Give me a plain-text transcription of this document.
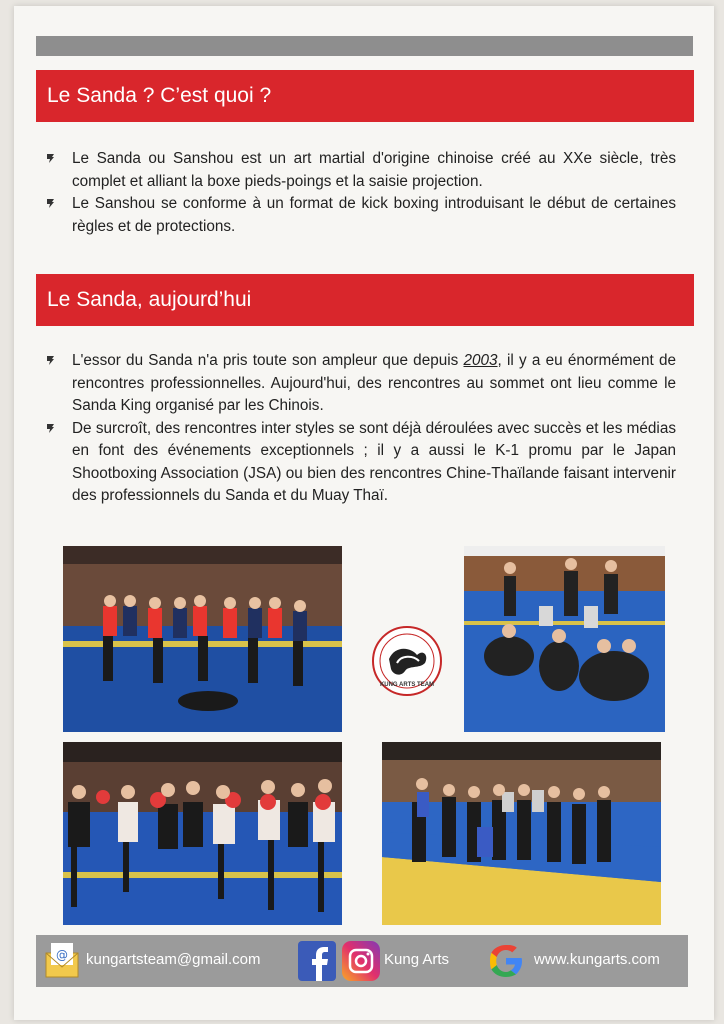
Le Sanda ? C’est quoi ?
Le Sanda ou Sanshou est un art martial d'origine chinoise créé au XXe siècle, très complet et alliant la boxe pieds-poings et la saisie projection.
Le Sanshou se conforme à un format de kick boxing introduisant le début de certaines règles et de protections.
Le Sanda, aujourd’hui
L'essor du Sanda n'a pris toute son ampleur que depuis 2003, il y a eu énormément de rencontres professionnelles. Aujourd'hui, des rencontres au sommet ont lieu comme le Sanda King organisé par les Chinois.
De surcroît, des rencontres inter styles se sont déjà déroulées avec succès et les médias en font des événements exceptionnels ; il y a aussi le K-1 promu par le Japan Shootboxing Association (JSA) ou bien des rencontres Chine-Thaïlande faisant intervenir des professionnels du Sanda et du Muay Thaï.
KUNG ARTS TEAM
@ kungartsteam@gmail.com	Kung Arts	www.kungarts.com
